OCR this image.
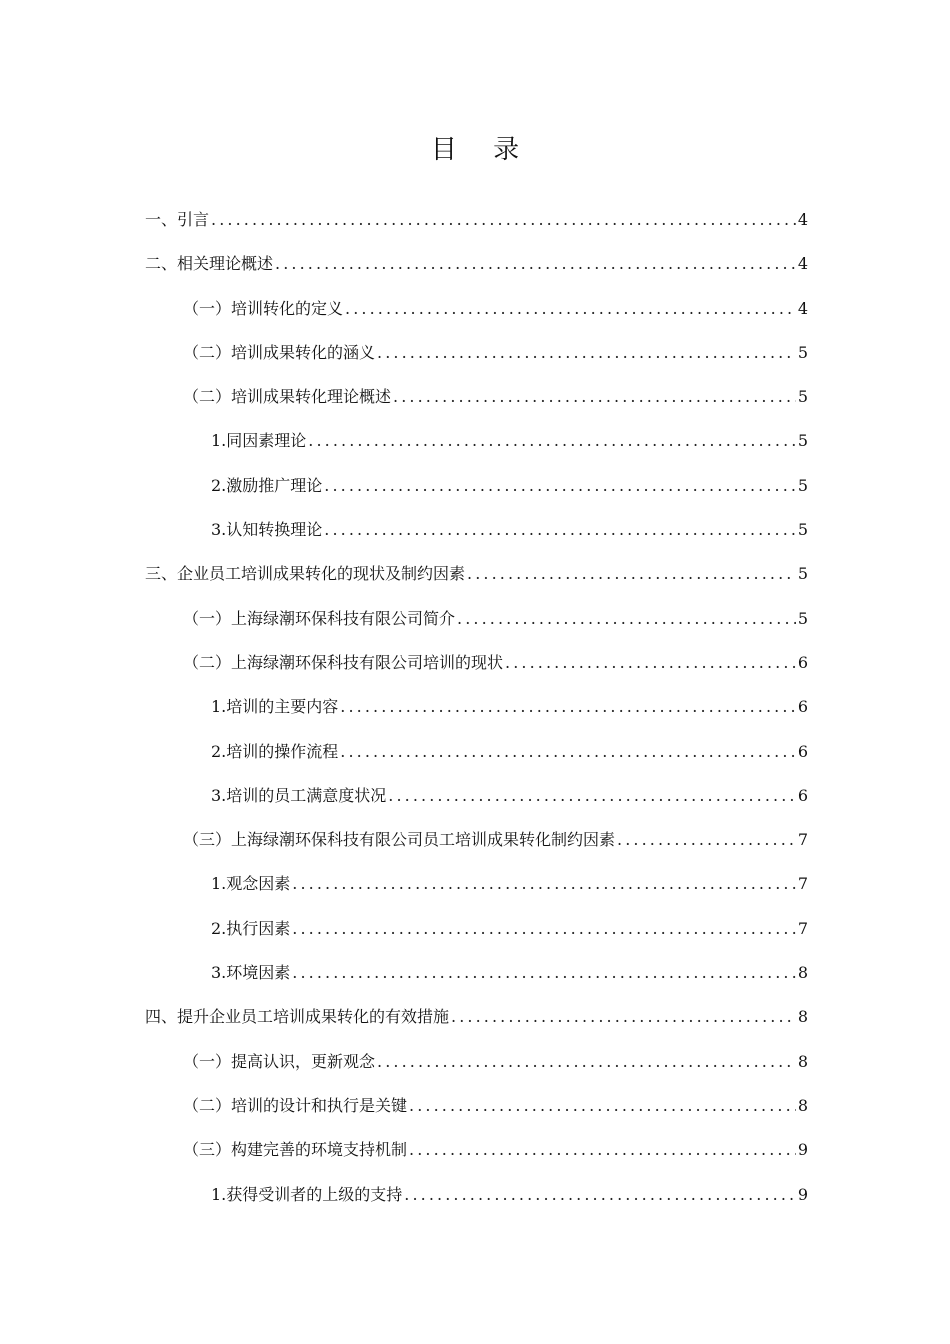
目 录
一、引言 .....	4
二、相关理论概述 .....	4
（一）培训转化的定义 .....	4
（二）培训成果转化的涵义 .....	5
（二）培训成果转化理论概述 .....	5
1.同因素理论 .....	5
2.激励推广理论 .....	5
3.认知转换理论 .....	5
三、企业员工培训成果转化的现状及制约因素 .....	5
（一）上海绿潮环保科技有限公司简介 .....	5
（二）上海绿潮环保科技有限公司培训的现状 .....	6
1.培训的主要内容 .....	6
2.培训的操作流程 .....	6
3.培训的员工满意度状况 .....	6
（三）上海绿潮环保科技有限公司员工培训成果转化制约因素 .....	7
1.观念因素 .....	7
2.执行因素 .....	7
3.环境因素 .....	8
四、提升企业员工培训成果转化的有效措施 .....	8
（一）提高认识，更新观念 .....	8
（二）培训的设计和执行是关键 .....	8
（三）构建完善的环境支持机制 .....	9
1.获得受训者的上级的支持 .....	9
